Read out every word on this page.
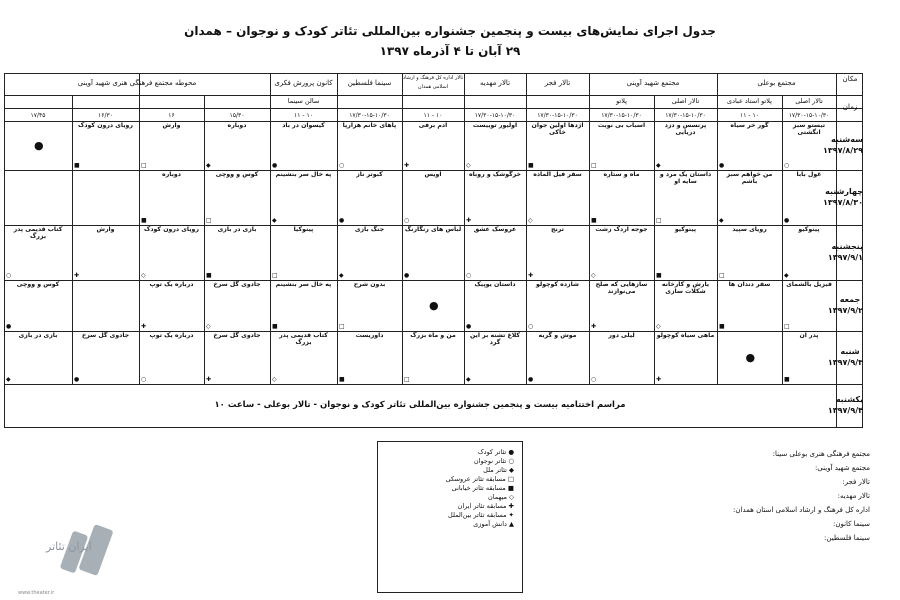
جدول اجرای نمایش‌های بیست و پنجمین جشنواره بین‌المللی تئاتر کودک و نوجوان – همدان
۲۹ آبان تا ۴ آذرماه ۱۳۹۷
مکان
زمان
مجتمع بوعلی
مجتمع شهید آوینی
تالار فجر
تالار مهدیه
تالار اداره کل فرهنگ و ارشاد اسلامی همدان
سینما فلسطین
کانون پرورش فکری
محوطه مجتمع فرهنگی هنری شهید آوینی
تالار اصلی
پلاتو استاد عبادی
تالار اصلی
پلاتو
سالن سینما
۱۷/۳۰-۱۵-۱۰/۳۰
۱۰ - ۱۱
۱۷/۳۰-۱۵-۱۰/۳۰
۱۷/۳۰-۱۵-۱۰/۳۰
۱۷/۳۰-۱۵-۱۰/۳۰
۱۷/۳۰-۱۵-۱۰/۳۰
۱۰ - ۱۱
۱۷/۳۰-۱۵-۱۰/۳۰
۱۰ - ۱۱
۱۵/۳۰
۱۶
۱۶/۳۰
۱۷/۴۵
سه‌شنبه
۱۳۹۷/۸/۲۹
چهارشنبه
۱۳۹۷/۸/۳۰
پنجشنبه
۱۳۹۷/۹/۱
جمعه
۱۳۹۷/۹/۲
شنبه
۱۳۹۷/۹/۳
یکشنبه
۱۳۹۷/۹/۴
تیستو سبز انگشتی
○
گور خر سیاه
●
پرنسس و دزد دریایی
◆
اسباب بی نوبت
□
اژدها اولین جوان خاکی
■
اولیور توییست
◇
آدم برفی
✚
پاهای خانم هزارپا
○
کیسوان در باد
●
دوباره
◆
وارش
□
رویای درون کودک
■
غول بابا
●
من خواهم سبز باشم
◆
داستان یک مرد و سایه او
□
ماه و ستاره
■
سفر فیل الماده
◇
خرگوشک و روباه
✚
آویس
○
کبوتر ناز
●
په خال سر بنشینم
◆
کوس و ووچی
□
دوباره
■
پینوکیو
◆
رویای سپید
□
پینوکیو
■
جوجه اردک زشت
◇
ترنج
✚
عروسک عشق
○
لباس های رنگارنگ
●
جنگ بازی
◆
پینوکیا
□
بازی در بازی
■
رویای درون کودک
◇
وارش
✚
کتاب قدیمی پدر بزرگ
○
فیزیل بالشمای
□
سفر دندان ها
■
یارش و کارخانه شکلات سازی
◇
سازهایی که صلح می‌نوازند
✚
شازده کوچولو
○
داستان یوپیک
●
بدون شرح
□
په خال سر بنشینم
■
جادوی گل سرخ
◇
درباره یک توپ
✚
کوس و ووچی
●
پدر آن
■
ماهی سیاه کوچولو
✚
لیلی دور
○
موش و گربه
●
کلاغ تشنه بر این گرد
◆
من و ماه بزرگ
□
داوریست
■
کتاب قدیمی پدر بزرگ
◇
جادوی گل سرخ
✚
درباره یک توپ
○
جادوی گل سرخ
●
بازی در بازی
◆
●
●
●
مراسم اختتامیه بیست و پنجمین جشنواره بین‌المللی تئاتر کودک و نوجوان - تالار بوعلی - ساعت ۱۰
● تئاتر کودک
○ تئاتر نوجوان
◆ تئاتر ملل
□ مسابقه تئاتر عروسکی
■ مسابقه تئاتر خیابانی
◇ میهمان
✚ مسابقه تئاتر ایران
✦ مسابقه تئاتر بین‌الملل
▲ دانش آموزی
مجتمع فرهنگی هنری بوعلی سینا:
مجتمع شهید آوینی:
تالار فجر:
تالار مهدیه:
اداره کل فرهنگ و ارشاد اسلامی استان همدان:
سینما کانون:
سینما فلسطین:
ایران تئاتر
www.theater.ir
